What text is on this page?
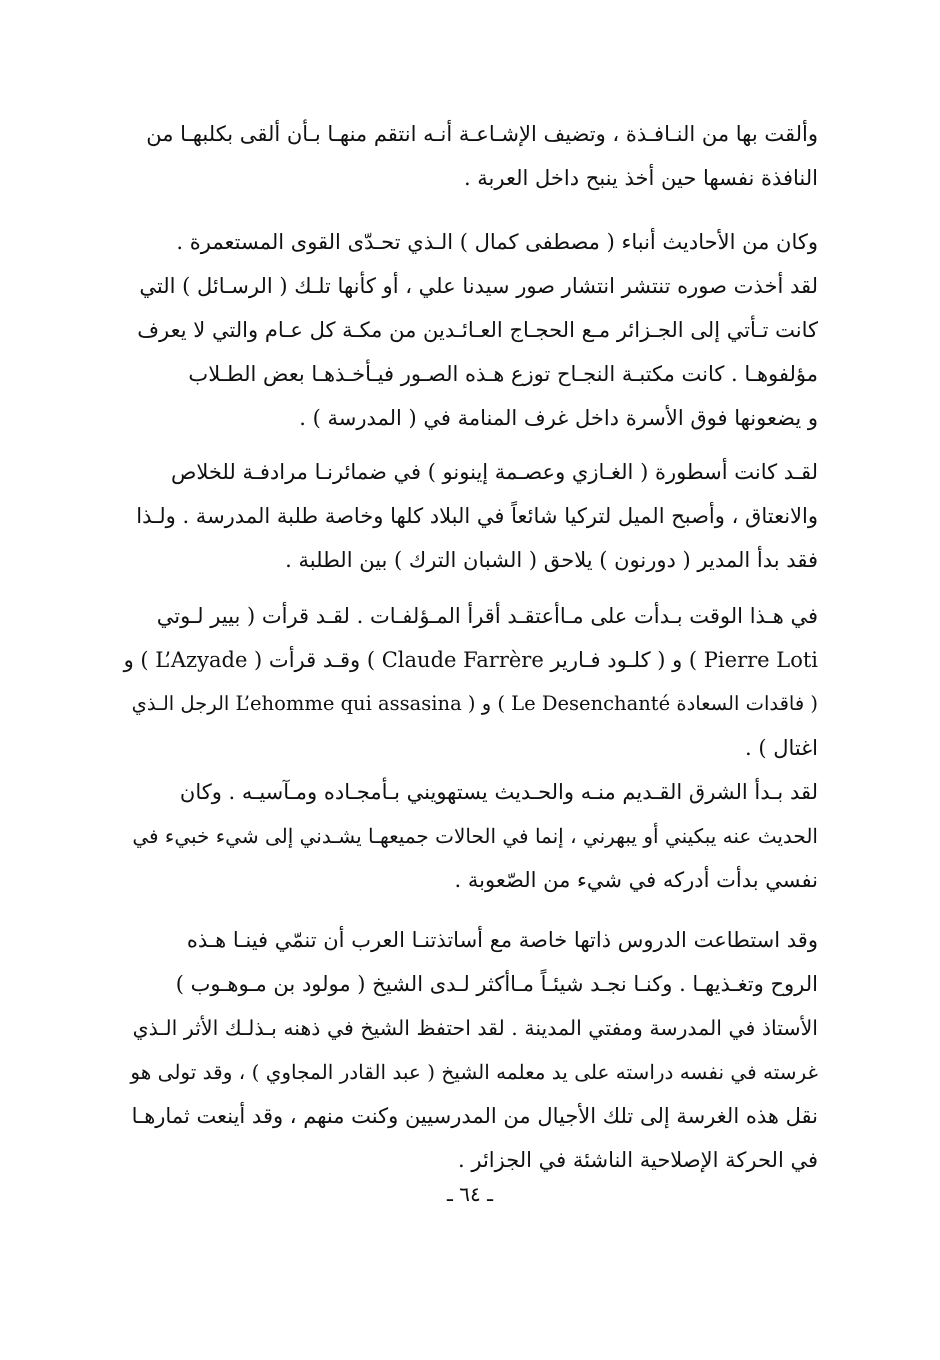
وألقت بها من النـافـذة ، وتضيف الإشـاعـة أنـه انتقم منهـا بـأن ألقى بكلبهـا من
النافذة نفسها حين أخذ ينبح داخل العربة .
وكان من الأحاديث أنباء ( مصطفى كمال ) الـذي تحـدّى القوى المستعمرة .
لقد أخذت صوره تنتشر انتشار صور سيدنا علي ، أو كأنها تلـك ( الرسـائل ) التي
كانت تـأتي إلى الجـزائر مـع الحجـاج العـائـدين من مكـة كل عـام والتي لا يعرف
مؤلفوهـا . كانت مكتبـة النجـاح توزع هـذه الصـور فيـأخـذهـا بعض الطـلاب
و يضعونها فوق الأسرة داخل غرف المنامة في ( المدرسة ) .
لقـد كانت أسطورة ( الغـازي وعصـمة إينونو ) في ضمائرنـا مرادفـة للخلاص
والانعتاق ، وأصبح الميل لتركيا شائعاً في البلاد كلها وخاصة طلبة المدرسة . ولـذا
فقد بدأ المدير ( دورنون ) يلاحق ( الشبان الترك ) بين الطلبة .
في هـذا الوقت بـدأت على مـاأعتقـد أقرأ المـؤلفـات . لقـد قرأت ( بيير لـوتي
Pierre Loti ) و ( كلـود فـارير Claude Farrère ) وقـد قرأت ( L’Azyade ) و
( فاقدات السعادة Le Desenchanté ) و ( L’ehomme qui assasina الرجل الـذي
اغتال ) .
لقد بـدأ الشرق القـديم منـه والحـديث يستهويني بـأمجـاده ومـآسيـه . وكان
الحديث عنه يبكيني أو يبهرني ، إنما في الحالات جميعهـا يشـدني إلى شيء خبيء في
نفسي بدأت أدركه في شيء من الصّعوبة .
وقد استطاعت الدروس ذاتها خاصة مع أساتذتنـا العرب أن تنمّي فينـا هـذه
الروح وتغـذيهـا . وكنـا نجـد شيئـاً مـاأكثر لـدى الشيخ ( مولود بن مـوهـوب )
الأستاذ في المدرسة ومفتي المدينة . لقد احتفظ الشيخ في ذهنه بـذلـك الأثر الـذي
غرسته في نفسه دراسته على يد معلمه الشيخ ( عبد القادر المجاوي ) ، وقد تولى هو
نقل هذه الغرسة إلى تلك الأجيال من المدرسيين وكنت منهم ، وقد أينعت ثمارهـا
في الحركة الإصلاحية الناشئة في الجزائر .
ـ ٦٤ ـ
